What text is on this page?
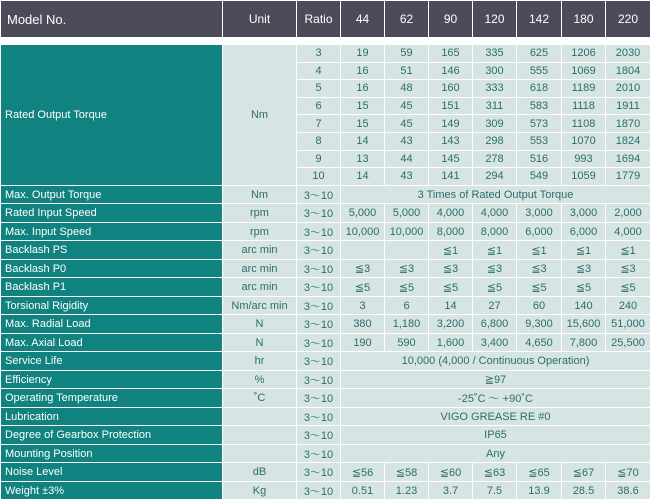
Model No.	Unit	Ratio	44	62	90	120	142	180	220

Rated Output Torque	Nm	3	19	59	165	335	625	1206	2030
		4	16	51	146	300	555	1069	1804
		5	16	48	160	333	618	1189	2010
		6	15	45	151	311	583	1118	1911
		7	15	45	149	309	573	1108	1870
		8	14	43	143	298	553	1070	1824
		9	13	44	145	278	516	993	1694
		10	14	43	141	294	549	1059	1779
Max. Output Torque	Nm	3～10	3 Times of Rated Output Torque						
Rated Input Speed	rpm	3～10	5,000	5,000	4,000	4,000	3,000	3,000	2,000
Max. Input Speed	rpm	3～10	10,000	10,000	8,000	8,000	6,000	6,000	4,000
Backlash PS	arc min	3～10			≦1	≦1	≦1	≦1	≦1
Backlash P0	arc min	3～10	≦3	≦3	≦3	≦3	≦3	≦3	≦3
Backlash P1	arc min	3～10	≦5	≦5	≦5	≦5	≦5	≦5	≦5
Torsional Rigidity	Nm/arc min	3～10	3	6	14	27	60	140	240
Max. Radial Load	N	3～10	380	1,180	3,200	6,800	9,300	15,600	51,000
Max. Axial Load	N	3～10	190	590	1,600	3,400	4,650	7,800	25,500
Service Life	hr	3～10	10,000 (4,000 / Continuous Operation)						
Efficiency	%	3～10	≧97						
Operating Temperature	˚C	3～10	-25˚C ～ +90˚C						
Lubrication		3～10	VIGO GREASE RE #0						
Degree of Gearbox Protection		3～10	IP65						
Mounting Position		3～10	Any						
Noise Level	dB	3～10	≦56	≦58	≦60	≦63	≦65	≦67	≦70
Weight ±3%	Kg	3～10	0.51	1.23	3.7	7.5	13.9	28.5	38.6
